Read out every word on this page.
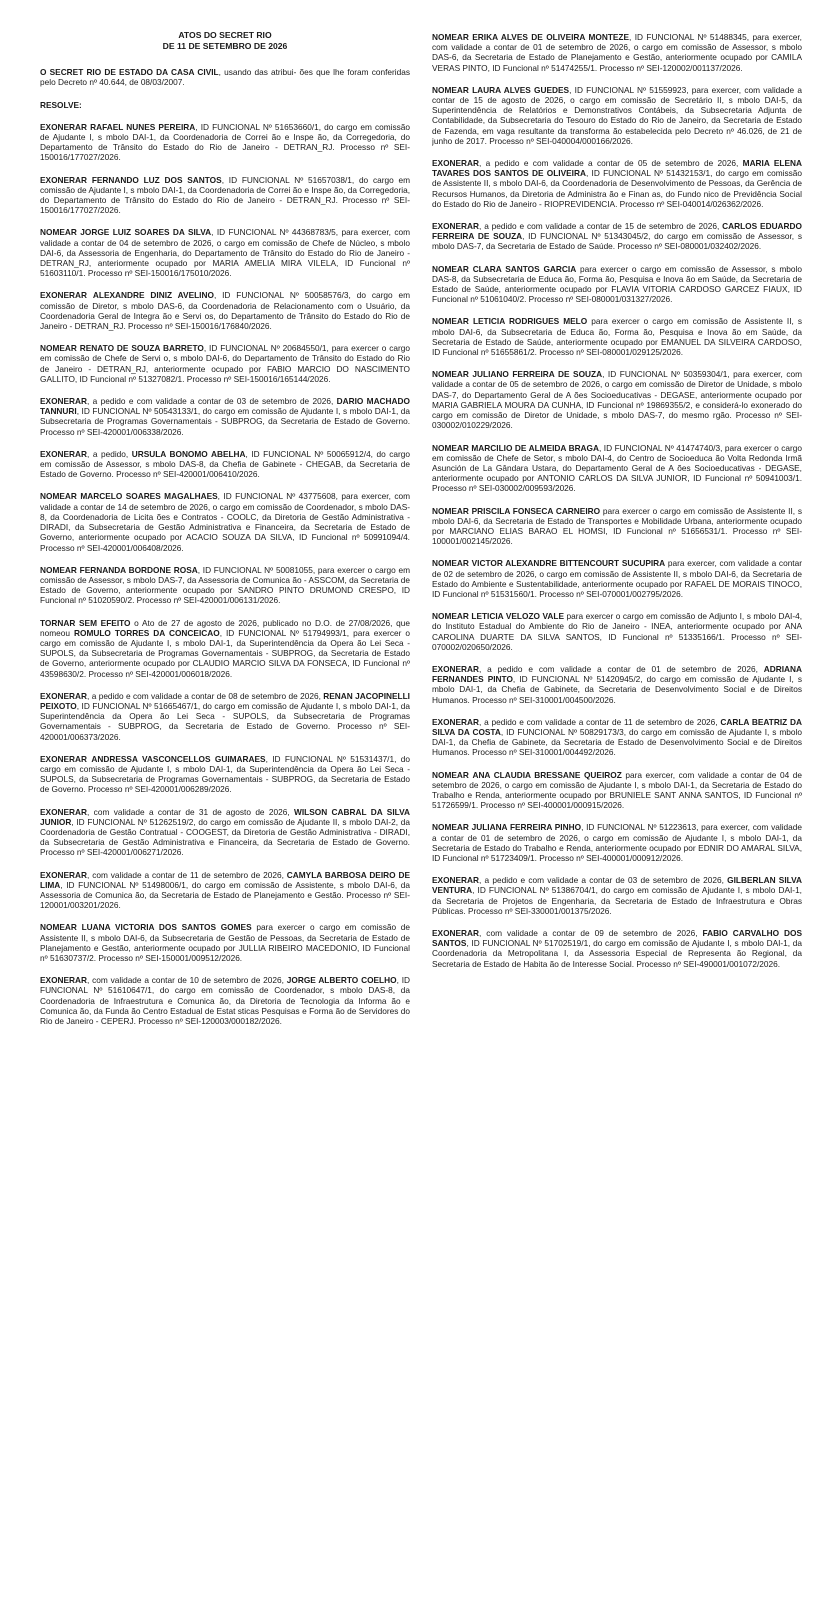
ATOS DO SECRET RIO
DE 11 DE SETEMBRO DE 2026

O SECRET RIO DE ESTADO DA CASA CIVIL, usando das atribui- ões que lhe foram conferidas pelo Decreto nº 40.644, de 08/03/2007.

RESOLVE:

EXONERAR RAFAEL NUNES PEREIRA, ID FUNCIONAL Nº 51653660/1, do cargo em comissão de Ajudante I, s mbolo DAI-1, da Coordenadoria de Correi ão e Inspe ão, da Corregedoria, do Departamento de Trânsito do Estado do Rio de Janeiro - DETRAN_RJ. Processo nº SEI-150016/177027/2026.

EXONERAR FERNANDO LUZ DOS SANTOS, ID FUNCIONAL Nº 51657038/1, do cargo em comissão de Ajudante I, s mbolo DAI-1, da Coordenadoria de Correi ão e Inspe ão, da Corregedoria, do Departamento de Trânsito do Estado do Rio de Janeiro - DETRAN_RJ. Processo nº SEI-150016/177027/2026.

NOMEAR JORGE LUIZ SOARES DA SILVA, ID FUNCIONAL Nº 44368783/5, para exercer, com validade a contar de 04 de setembro de 2026, o cargo em comissão de Chefe de Núcleo, s mbolo DAI-6, da Assessoria de Engenharia, do Departamento de Trânsito do Estado do Rio de Janeiro - DETRAN_RJ, anteriormente ocupado por MARIA AMELIA MIRA VILELA, ID Funcional nº 51603110/1. Processo nº SEI-150016/175010/2026.

EXONERAR ALEXANDRE DINIZ AVELINO, ID FUNCIONAL Nº 50058576/3, do cargo em comissão de Diretor, s mbolo DAS-6, da Coordenadoria de Relacionamento com o Usuário, da Coordenadoria Geral de Integra ão e Servi os, do Departamento de Trânsito do Estado do Rio de Janeiro - DETRAN_RJ. Processo nº SEI-150016/176840/2026.

NOMEAR RENATO DE SOUZA BARRETO, ID FUNCIONAL Nº 20684550/1, para exercer o cargo em comissão de Chefe de Servi o, s mbolo DAI-6, do Departamento de Trânsito do Estado do Rio de Janeiro - DETRAN_RJ, anteriormente ocupado por FABIO MARCIO DO NASCIMENTO GALLITO, ID Funcional nº 51327082/1. Processo nº SEI-150016/165144/2026.

EXONERAR, a pedido e com validade a contar de 03 de setembro de 2026, DARIO MACHADO TANNURI, ID FUNCIONAL Nº 50543133/1, do cargo em comissão de Ajudante I, s mbolo DAI-1, da Subsecretaria de Programas Governamentais - SUBPROG, da Secretaria de Estado de Governo. Processo nº SEI-420001/006338/2026.

EXONERAR, a pedido, URSULA BONOMO ABELHA, ID FUNCIONAL Nº 50065912/4, do cargo em comissão de Assessor, s mbolo DAS-8, da Chefia de Gabinete - CHEGAB, da Secretaria de Estado de Governo. Processo nº SEI-420001/006410/2026.

NOMEAR MARCELO SOARES MAGALHAES, ID FUNCIONAL Nº 43775608, para exercer, com validade a contar de 14 de setembro de 2026, o cargo em comissão de Coordenador, s mbolo DAS-8, da Coordenadoria de Licita ões e Contratos - COOLC, da Diretoria de Gestão Administrativa - DIRADI, da Subsecretaria de Gestão Administrativa e Financeira, da Secretaria de Estado de Governo, anteriormente ocupado por ACACIO SOUZA DA SILVA, ID Funcional nº 50991094/4. Processo nº SEI-420001/006408/2026.

NOMEAR FERNANDA BORDONE ROSA, ID FUNCIONAL Nº 50081055, para exercer o cargo em comissão de Assessor, s mbolo DAS-7, da Assessoria de Comunica ão - ASSCOM, da Secretaria de Estado de Governo, anteriormente ocupado por SANDRO PINTO DRUMOND CRESPO, ID Funcional nº 51020590/2. Processo nº SEI-420001/006131/2026.

TORNAR SEM EFEITO o Ato de 27 de agosto de 2026, publicado no D.O. de 27/08/2026, que nomeou ROMULO TORRES DA CONCEICAO, ID FUNCIONAL Nº 51794993/1, para exercer o cargo em comissão de Ajudante I, s mbolo DAI-1, da Superintendência da Opera ão Lei Seca - SUPOLS, da Subsecretaria de Programas Governamentais - SUBPROG, da Secretaria de Estado de Governo, anteriormente ocupado por CLAUDIO MARCIO SILVA DA FONSECA, ID Funcional nº 43598630/2. Processo nº SEI-420001/006018/2026.

EXONERAR, a pedido e com validade a contar de 08 de setembro de 2026, RENAN JACOPINELLI PEIXOTO, ID FUNCIONAL Nº 51665467/1, do cargo em comissão de Ajudante I, s mbolo DAI-1, da Superintendência da Opera ão Lei Seca - SUPOLS, da Subsecretaria de Programas Governamentais - SUBPROG, da Secretaria de Estado de Governo. Processo nº SEI-420001/006373/2026.

EXONERAR ANDRESSA VASCONCELLOS GUIMARAES, ID FUNCIONAL Nº 51531437/1, do cargo em comissão de Ajudante I, s mbolo DAI-1, da Superintendência da Opera ão Lei Seca - SUPOLS, da Subsecretaria de Programas Governamentais - SUBPROG, da Secretaria de Estado de Governo. Processo nº SEI-420001/006289/2026.

EXONERAR, com validade a contar de 31 de agosto de 2026, WILSON CABRAL DA SILVA JUNIOR, ID FUNCIONAL Nº 51262519/2, do cargo em comissão de Ajudante II, s mbolo DAI-2, da Coordenadoria de Gestão Contratual - COOGEST, da Diretoria de Gestão Administrativa - DIRADI, da Subsecretaria de Gestão Administrativa e Financeira, da Secretaria de Estado de Governo. Processo nº SEI-420001/006271/2026.

EXONERAR, com validade a contar de 11 de setembro de 2026, CAMYLA BARBOSA DEIRO DE LIMA, ID FUNCIONAL Nº 51498006/1, do cargo em comissão de Assistente, s mbolo DAI-6, da Assessoria de Comunica ão, da Secretaria de Estado de Planejamento e Gestão. Processo nº SEI-120001/003201/2026.

NOMEAR LUANA VICTORIA DOS SANTOS GOMES para exercer o cargo em comissão de Assistente II, s mbolo DAI-6, da Subsecretaria de Gestão de Pessoas, da Secretaria de Estado de Planejamento e Gestão, anteriormente ocupado por JULLIA RIBEIRO MACEDONIO, ID Funcional nº 51630737/2. Processo nº SEI-150001/009512/2026.

EXONERAR, com validade a contar de 10 de setembro de 2026, JORGE ALBERTO COELHO, ID FUNCIONAL Nº 51610647/1, do cargo em comissão de Coordenador, s mbolo DAS-8, da Coordenadoria de Infraestrutura e Comunica ão, da Diretoria de Tecnologia da Informa ão e Comunica ão, da Funda ão Centro Estadual de Estat sticas Pesquisas e Forma ão de Servidores do Rio de Janeiro - CEPERJ. Processo nº SEI-120003/000182/2026.

NOMEAR ERIKA ALVES DE OLIVEIRA MONTEZE, ID FUNCIONAL Nº 51488345, para exercer, com validade a contar de 01 de setembro de 2026, o cargo em comissão de Assessor, s mbolo DAS-6, da Secretaria de Estado de Planejamento e Gestão, anteriormente ocupado por CAMILA VERAS PINTO, ID Funcional nº 51474255/1. Processo nº SEI-120002/001137/2026.

NOMEAR LAURA ALVES GUEDES, ID FUNCIONAL Nº 51559923, para exercer, com validade a contar de 15 de agosto de 2026, o cargo em comissão de Secretário II, s mbolo DAI-5, da Superintendência de Relatórios e Demonstrativos Contábeis, da Subsecretaria Adjunta de Contabilidade, da Subsecretaria do Tesouro do Estado do Rio de Janeiro, da Secretaria de Estado de Fazenda, em vaga resultante da transforma ão estabelecida pelo Decreto nº 46.026, de 21 de junho de 2017. Processo nº SEI-040004/000166/2026.

EXONERAR, a pedido e com validade a contar de 05 de setembro de 2026, MARIA ELENA TAVARES DOS SANTOS DE OLIVEIRA, ID FUNCIONAL Nº 51432153/1, do cargo em comissão de Assistente II, s mbolo DAI-6, da Coordenadoria de Desenvolvimento de Pessoas, da Gerência de Recursos Humanos, da Diretoria de Administra ão e Finan as, do Fundo nico de Previdência Social do Estado do Rio de Janeiro - RIOPREVIDENCIA. Processo nº SEI-040014/026362/2026.

EXONERAR, a pedido e com validade a contar de 15 de setembro de 2026, CARLOS EDUARDO FERREIRA DE SOUZA, ID FUNCIONAL Nº 51343045/2, do cargo em comissão de Assessor, s mbolo DAS-7, da Secretaria de Estado de Saúde. Processo nº SEI-080001/032402/2026.

NOMEAR CLARA SANTOS GARCIA para exercer o cargo em comissão de Assessor, s mbolo DAS-8, da Subsecretaria de Educa ão, Forma ão, Pesquisa e Inova ão em Saúde, da Secretaria de Estado de Saúde, anteriormente ocupado por FLAVIA VITORIA CARDOSO GARCEZ FIAUX, ID Funcional nº 51061040/2. Processo nº SEI-080001/031327/2026.

NOMEAR LETICIA RODRIGUES MELO para exercer o cargo em comissão de Assistente II, s mbolo DAI-6, da Subsecretaria de Educa ão, Forma ão, Pesquisa e Inova ão em Saúde, da Secretaria de Estado de Saúde, anteriormente ocupado por EMANUEL DA SILVEIRA CARDOSO, ID Funcional nº 51655861/2. Processo nº SEI-080001/029125/2026.

NOMEAR JULIANO FERREIRA DE SOUZA, ID FUNCIONAL Nº 50359304/1, para exercer, com validade a contar de 05 de setembro de 2026, o cargo em comissão de Diretor de Unidade, s mbolo DAS-7, do Departamento Geral de A ões Socioeducativas - DEGASE, anteriormente ocupado por MARIA GABRIELA MOURA DA CUNHA, ID Funcional nº 19869355/2, e considerá-lo exonerado do cargo em comissão de Diretor de Unidade, s mbolo DAS-7, do mesmo rgão. Processo nº SEI-030002/010229/2026.

NOMEAR MARCILIO DE ALMEIDA BRAGA, ID FUNCIONAL Nº 41474740/3, para exercer o cargo em comissão de Chefe de Setor, s mbolo DAI-4, do Centro de Socioeduca ão Volta Redonda Irmã Asunción de La Gândara Ustara, do Departamento Geral de A ões Socioeducativas - DEGASE, anteriormente ocupado por ANTONIO CARLOS DA SILVA JUNIOR, ID Funcional nº 50941003/1. Processo nº SEI-030002/009593/2026.

NOMEAR PRISCILA FONSECA CARNEIRO para exercer o cargo em comissão de Assistente II, s mbolo DAI-6, da Secretaria de Estado de Transportes e Mobilidade Urbana, anteriormente ocupado por MARCIANO ELIAS BARAO EL HOMSI, ID Funcional nº 51656531/1. Processo nº SEI-100001/002145/2026.

NOMEAR VICTOR ALEXANDRE BITTENCOURT SUCUPIRA para exercer, com validade a contar de 02 de setembro de 2026, o cargo em comissão de Assistente II, s mbolo DAI-6, da Secretaria de Estado do Ambiente e Sustentabilidade, anteriormente ocupado por RAFAEL DE MORAIS TINOCO, ID Funcional nº 51531560/1. Processo nº SEI-070001/002795/2026.

NOMEAR LETICIA VELOZO VALE para exercer o cargo em comissão de Adjunto I, s mbolo DAI-4, do Instituto Estadual do Ambiente do Rio de Janeiro - INEA, anteriormente ocupado por ANA CAROLINA DUARTE DA SILVA SANTOS, ID Funcional nº 51335166/1. Processo nº SEI-070002/020650/2026.

EXONERAR, a pedido e com validade a contar de 01 de setembro de 2026, ADRIANA FERNANDES PINTO, ID FUNCIONAL Nº 51420945/2, do cargo em comissão de Ajudante I, s mbolo DAI-1, da Chefia de Gabinete, da Secretaria de Desenvolvimento Social e de Direitos Humanos. Processo nº SEI-310001/004500/2026.

EXONERAR, a pedido e com validade a contar de 11 de setembro de 2026, CARLA BEATRIZ DA SILVA DA COSTA, ID FUNCIONAL Nº 50829173/3, do cargo em comissão de Ajudante I, s mbolo DAI-1, da Chefia de Gabinete, da Secretaria de Estado de Desenvolvimento Social e de Direitos Humanos. Processo nº SEI-310001/004492/2026.

NOMEAR ANA CLAUDIA BRESSANE QUEIROZ para exercer, com validade a contar de 04 de setembro de 2026, o cargo em comissão de Ajudante I, s mbolo DAI-1, da Secretaria de Estado do Trabalho e Renda, anteriormente ocupado por BRUNIELE SANT ANNA SANTOS, ID Funcional nº 51726599/1. Processo nº SEI-400001/000915/2026.

NOMEAR JULIANA FERREIRA PINHO, ID FUNCIONAL Nº 51223613, para exercer, com validade a contar de 01 de setembro de 2026, o cargo em comissão de Ajudante I, s mbolo DAI-1, da Secretaria de Estado do Trabalho e Renda, anteriormente ocupado por EDNIR DO AMARAL SILVA, ID Funcional nº 51723409/1. Processo nº SEI-400001/000912/2026.

EXONERAR, a pedido e com validade a contar de 03 de setembro de 2026, GILBERLAN SILVA VENTURA, ID FUNCIONAL Nº 51386704/1, do cargo em comissão de Ajudante I, s mbolo DAI-1, da Secretaria de Projetos de Engenharia, da Secretaria de Estado de Infraestrutura e Obras Públicas. Processo nº SEI-330001/001375/2026.

EXONERAR, com validade a contar de 09 de setembro de 2026, FABIO CARVALHO DOS SANTOS, ID FUNCIONAL Nº 51702519/1, do cargo em comissão de Ajudante I, s mbolo DAI-1, da Coordenadoria da Metropolitana I, da Assessoria Especial de Representa ão Regional, da Secretaria de Estado de Habita ão de Interesse Social. Processo nº SEI-490001/001072/2026.
